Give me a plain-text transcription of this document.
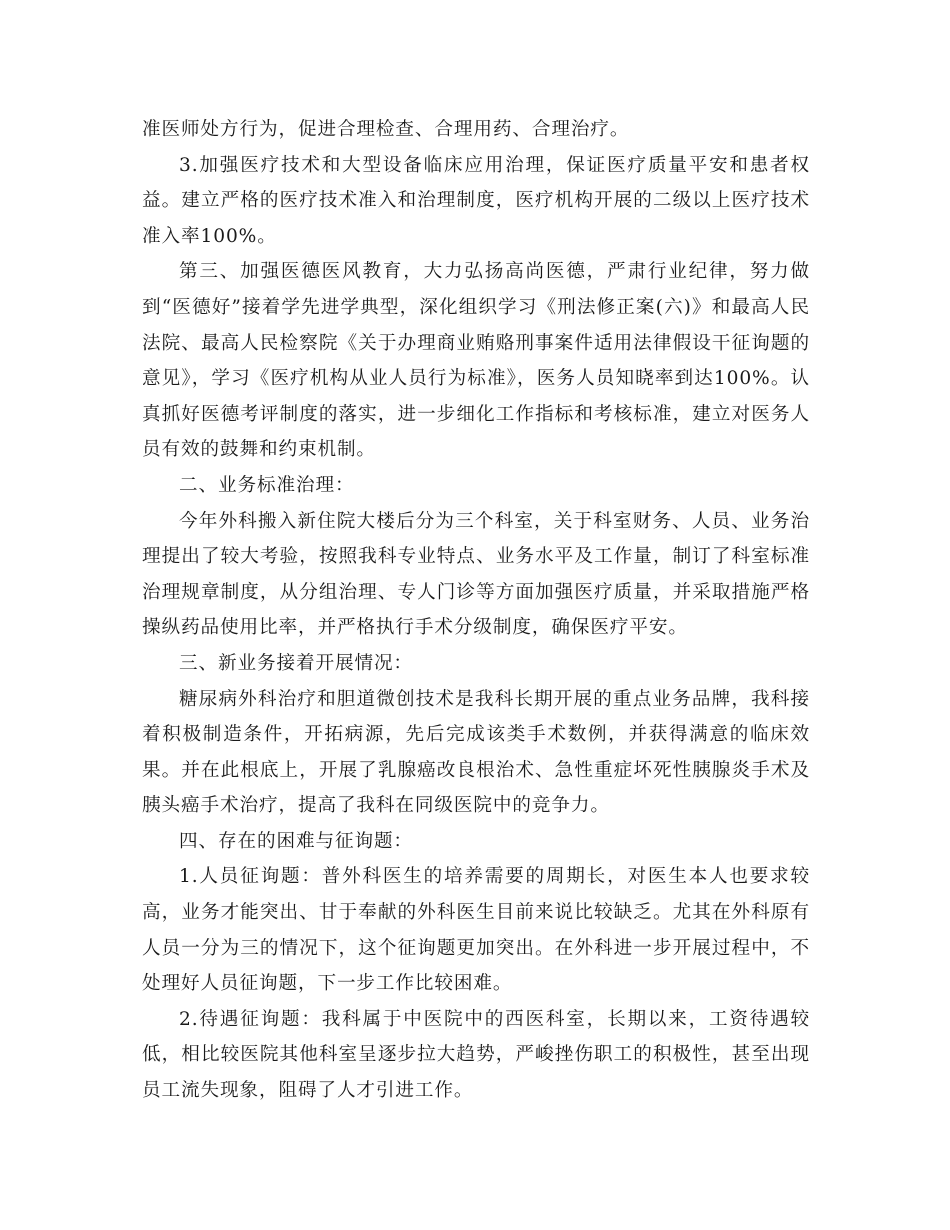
准医师处方行为，促进合理检查、合理用药、合理治疗。

3.加强医疗技术和大型设备临床应用治理，保证医疗质量平安和患者权益。建立严格的医疗技术准入和治理制度，医疗机构开展的二级以上医疗技术准入率100%。

第三、加强医德医风教育，大力弘扬高尚医德，严肃行业纪律，努力做到“医德好”接着学先进学典型，深化组织学习《刑法修正案(六)》和最高人民法院、最高人民检察院《关于办理商业贿赂刑事案件适用法律假设干征询题的意见》，学习《医疗机构从业人员行为标准》，医务人员知晓率到达100%。认真抓好医德考评制度的落实，进一步细化工作指标和考核标准，建立对医务人员有效的鼓舞和约束机制。

二、业务标准治理：

今年外科搬入新住院大楼后分为三个科室，关于科室财务、人员、业务治理提出了较大考验，按照我科专业特点、业务水平及工作量，制订了科室标准治理规章制度，从分组治理、专人门诊等方面加强医疗质量，并采取措施严格操纵药品使用比率，并严格执行手术分级制度，确保医疗平安。

三、新业务接着开展情况：

糖尿病外科治疗和胆道微创技术是我科长期开展的重点业务品牌，我科接着积极制造条件，开拓病源，先后完成该类手术数例，并获得满意的临床效果。并在此根底上，开展了乳腺癌改良根治术、急性重症坏死性胰腺炎手术及胰头癌手术治疗，提高了我科在同级医院中的竞争力。

四、存在的困难与征询题：

1.人员征询题：普外科医生的培养需要的周期长，对医生本人也要求较高，业务才能突出、甘于奉献的外科医生目前来说比较缺乏。尤其在外科原有人员一分为三的情况下，这个征询题更加突出。在外科进一步开展过程中，不处理好人员征询题，下一步工作比较困难。

2.待遇征询题：我科属于中医院中的西医科室，长期以来，工资待遇较低，相比较医院其他科室呈逐步拉大趋势，严峻挫伤职工的积极性，甚至出现员工流失现象，阻碍了人才引进工作。
